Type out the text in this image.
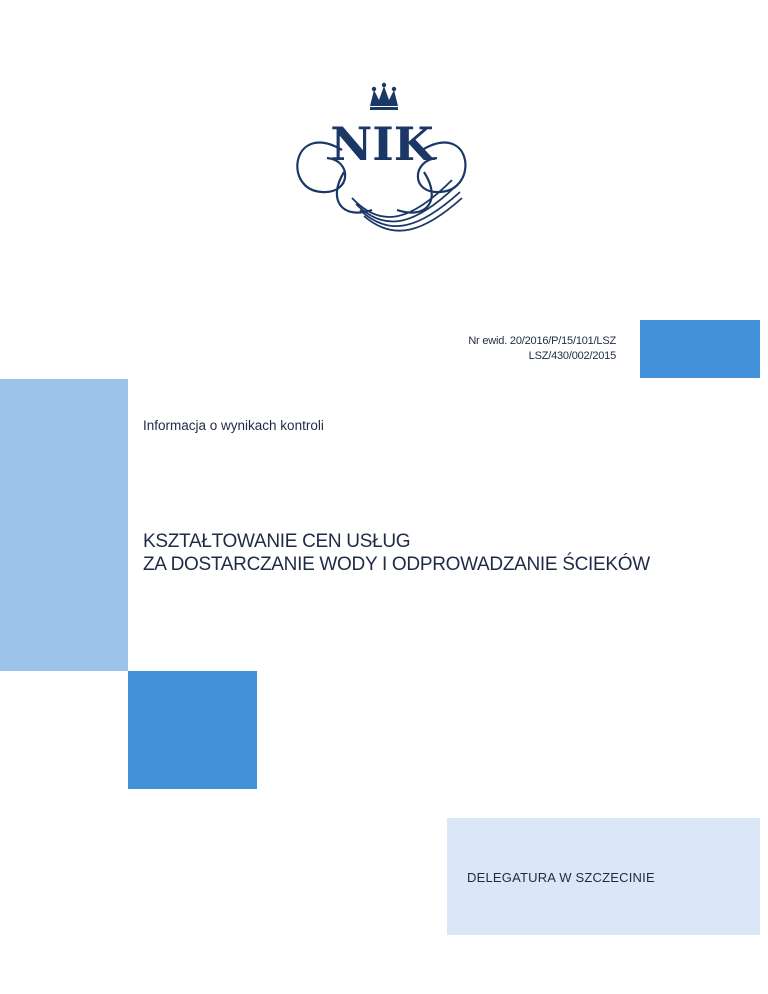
NIK
Nr ewid. 20/2016/P/15/101/LSZ
LSZ/430/002/2015
Informacja o wynikach kontroli
KSZTAŁTOWANIE CEN USŁUG
ZA DOSTARCZANIE WODY I ODPROWADZANIE ŚCIEKÓW
DELEGATURA W SZCZECINIE
